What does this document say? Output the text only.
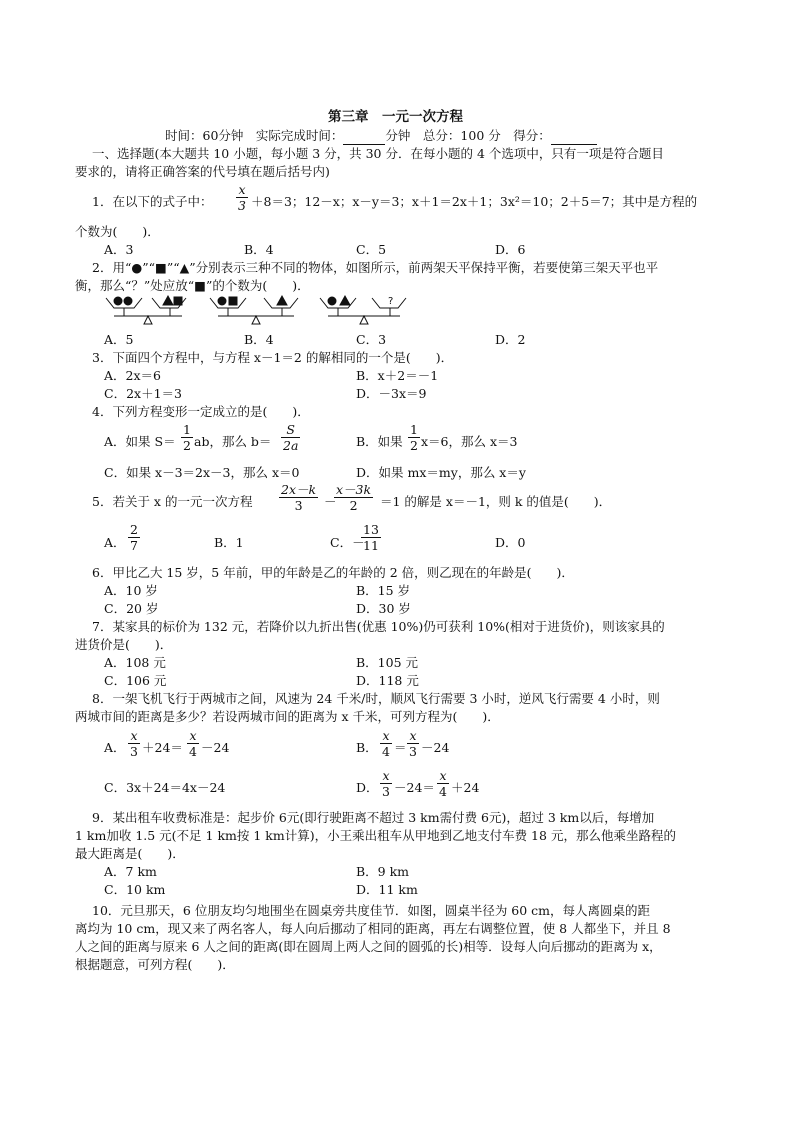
第三章　一元一次方程
时间：60分钟　实际完成时间：	分钟　总分：100 分　得分：
一、选择题(本大题共 10 小题，每小题 3 分，共 30 分．在每小题的 4 个选项中，只有一项是符合题目
要求的，请将正确答案的代号填在题后括号内)
1．在以下的式子中： $\frac{x}{3} +8=3$；12－x；x－y＝3；x＋1＝2x＋1；3x²＝10；2＋5＝7；其中是方程的
个数为(　　)．
A．3	B．4	C．5	D．6
2．用“●”“■”“▲”分别表示三种不同的物体，如图所示，前两架天平保持平衡，若要使第三架天平也平
衡，那么“？”处应放“■”的个数为(　　)．
?
A．5	B．4	C．3	D．2
3．下面四个方程中，与方程 x－1＝2 的解相同的一个是(　　)．
A．2x＝6	B．x＋2＝－1
C．2x＋1＝3	D．－3x＝9
4．下列方程变形一定成立的是(　　)．
A．如果 $S= \frac{1}{2}$ ab，那么 $b= \frac{S}{2a}$	B．如果 $\frac{1}{2} x=6$，那么 x＝3
C．如果 x－3＝2x－3，那么 x＝0	D．如果 mx＝my，那么 x＝y
5．若关于 x 的一元一次方程 $\frac{2x-k}{3}$ －
$\frac{x-3k}{2} =1$ 的解是 x＝－1，则 k 的值是(　　)．
A． $\frac{2}{7}$	B．1	C．－
$\frac{13}{11}$	D．0
6．甲比乙大 15 岁，5 年前，甲的年龄是乙的年龄的 2 倍，则乙现在的年龄是(　　)．
A．10 岁	B．15 岁
C．20 岁	D．30 岁
7．某家具的标价为 132 元，若降价以九折出售(优惠 10%)仍可获利 10%(相对于进货价)，则该家具的
进货价是(　　)．
A．108 元	B．105 元
C．106 元	D．118 元
8．一架飞机飞行于两城市之间，风速为 24 千米/时，顺风飞行需要 3 小时，逆风飞行需要 4 小时，则
两城市间的距离是多少？若设两城市间的距离为 x 千米，可列方程为(　　)．
A． $\frac{x}{3} +24= \frac{x}{4} -24$	B． $\frac{x}{4} = \frac{x}{3} -24$
C．3x＋24＝4x－24	D． $\frac{x}{3} -24= \frac{x}{4} +24$
9．某出租车收费标准是：起步价 6元(即行驶距离不超过 3 km需付费 6元)，超过 3 km以后，每增加
1 km加收 1.5 元(不足 1 km按 1 km计算)，小王乘出租车从甲地到乙地支付车费 18 元，那么他乘坐路程的
最大距离是(　　)．
A．7 km	B．9 km
C．10 km	D．11 km
10．元旦那天，6 位朋友均匀地围坐在圆桌旁共度佳节．如图，圆桌半径为 60 cm，每人离圆桌的距
离均为 10 cm，现又来了两名客人，每人向后挪动了相同的距离，再左右调整位置，使 8 人都坐下，并且 8
人之间的距离与原来 6 人之间的距离(即在圆周上两人之间的圆弧的长)相等．设每人向后挪动的距离为 x，
根据题意，可列方程(　　)．
